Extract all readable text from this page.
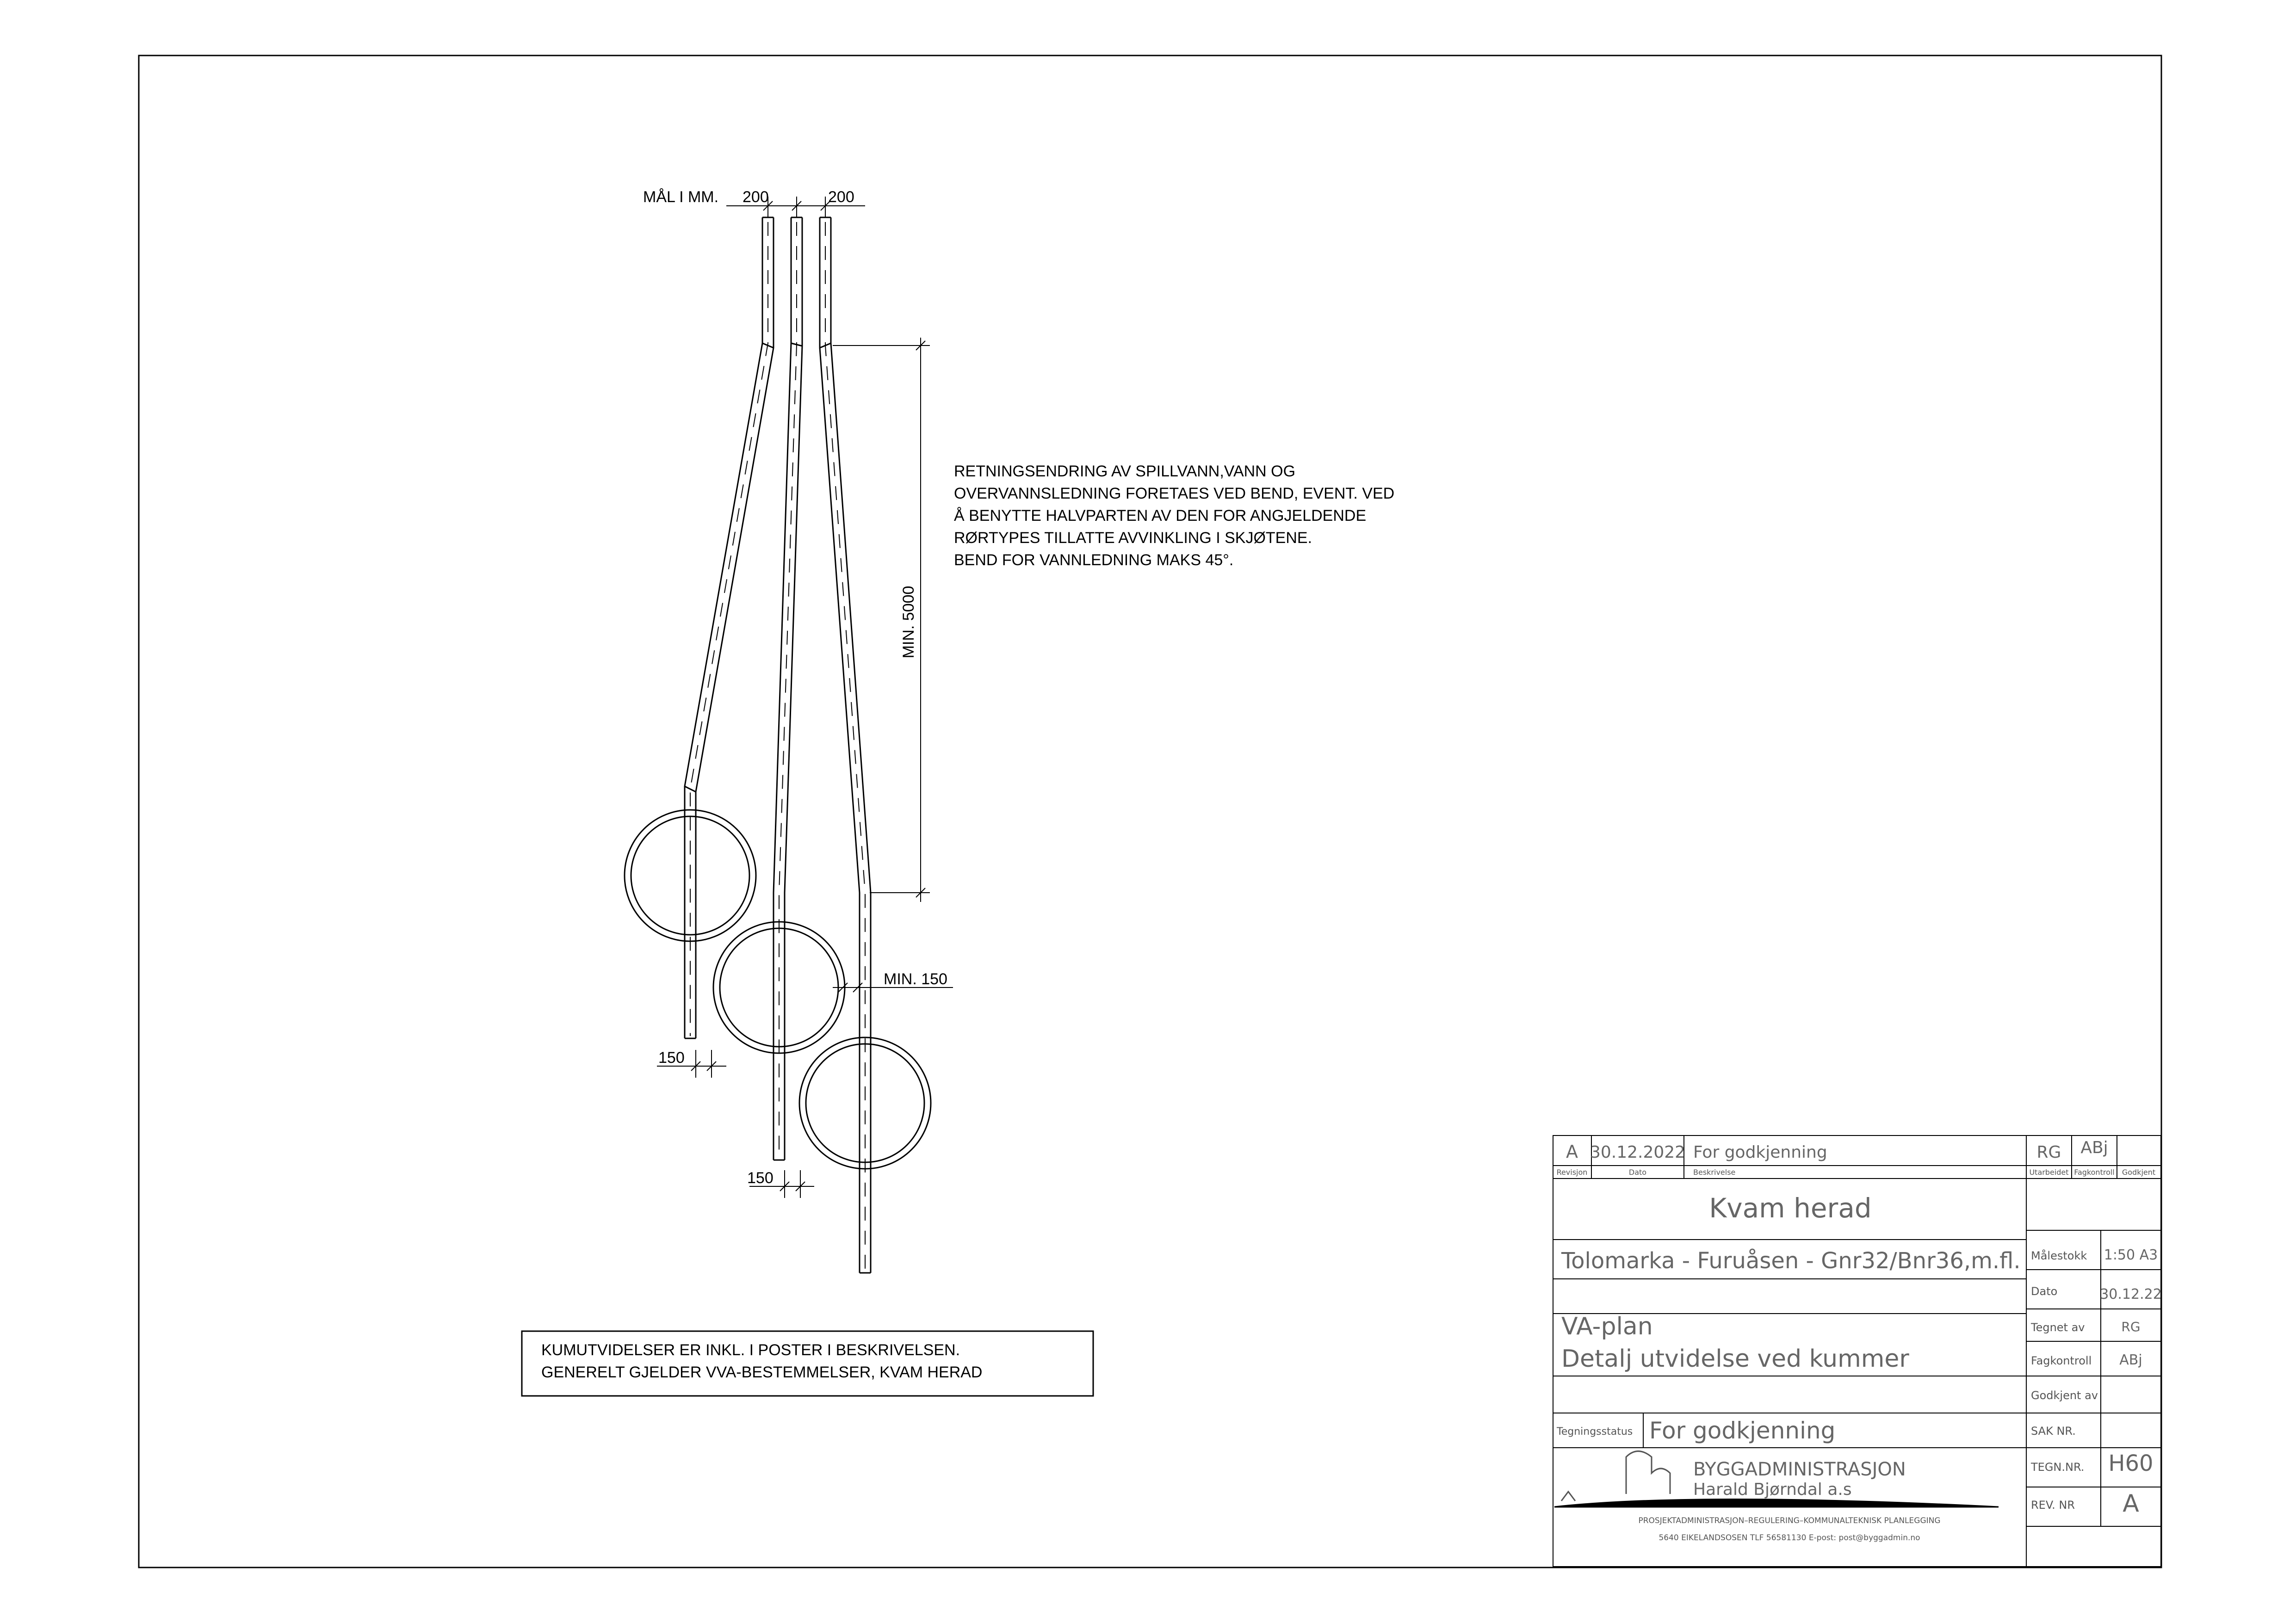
MÅL I MM. 200	200
MIN. 5000
MIN. 150
150
150
RETNINGSENDRING AV SPILLVANN,VANN OG
OVERVANNSLEDNING FORETAES VED BEND, EVENT. VED
Å BENYTTE HALVPARTEN AV DEN FOR ANGJELDENDE
RØRTYPES TILLATTE AVVINKLING I SKJØTENE.
BEND FOR VANNLEDNING MAKS 45°.
KUMUTVIDELSER ER INKL. I POSTER I BESKRIVELSEN.
GENERELT GJELDER VVA-BESTEMMELSER, KVAM HERAD
A 30.12.2022 For godkjenning	RG ABj
Revisjon	Dato	Beskrivelse	Utarbeidet Fagkontroll Godkjent
Kvam herad
Tolomarka - Furuåsen - Gnr32/Bnr36,m.fl.
VA-plan
Detalj utvidelse ved kummer
Tegningsstatus For godkjenning
Målestokk 1:50 A3
Dato	30.12.22
Tegnet av	RG
Fagkontroll ABj
Godkjent av
SAK NR.
TEGN.NR. H60
REV. NR A
BYGGADMINISTRASJON
Harald Bjørndal a.s
PROSJEKTADMINISTRASJON–REGULERING–KOMMUNALTEKNISK PLANLEGGING
5640 EIKELANDSOSEN TLF 56581130 E-post: post@byggadmin.no
